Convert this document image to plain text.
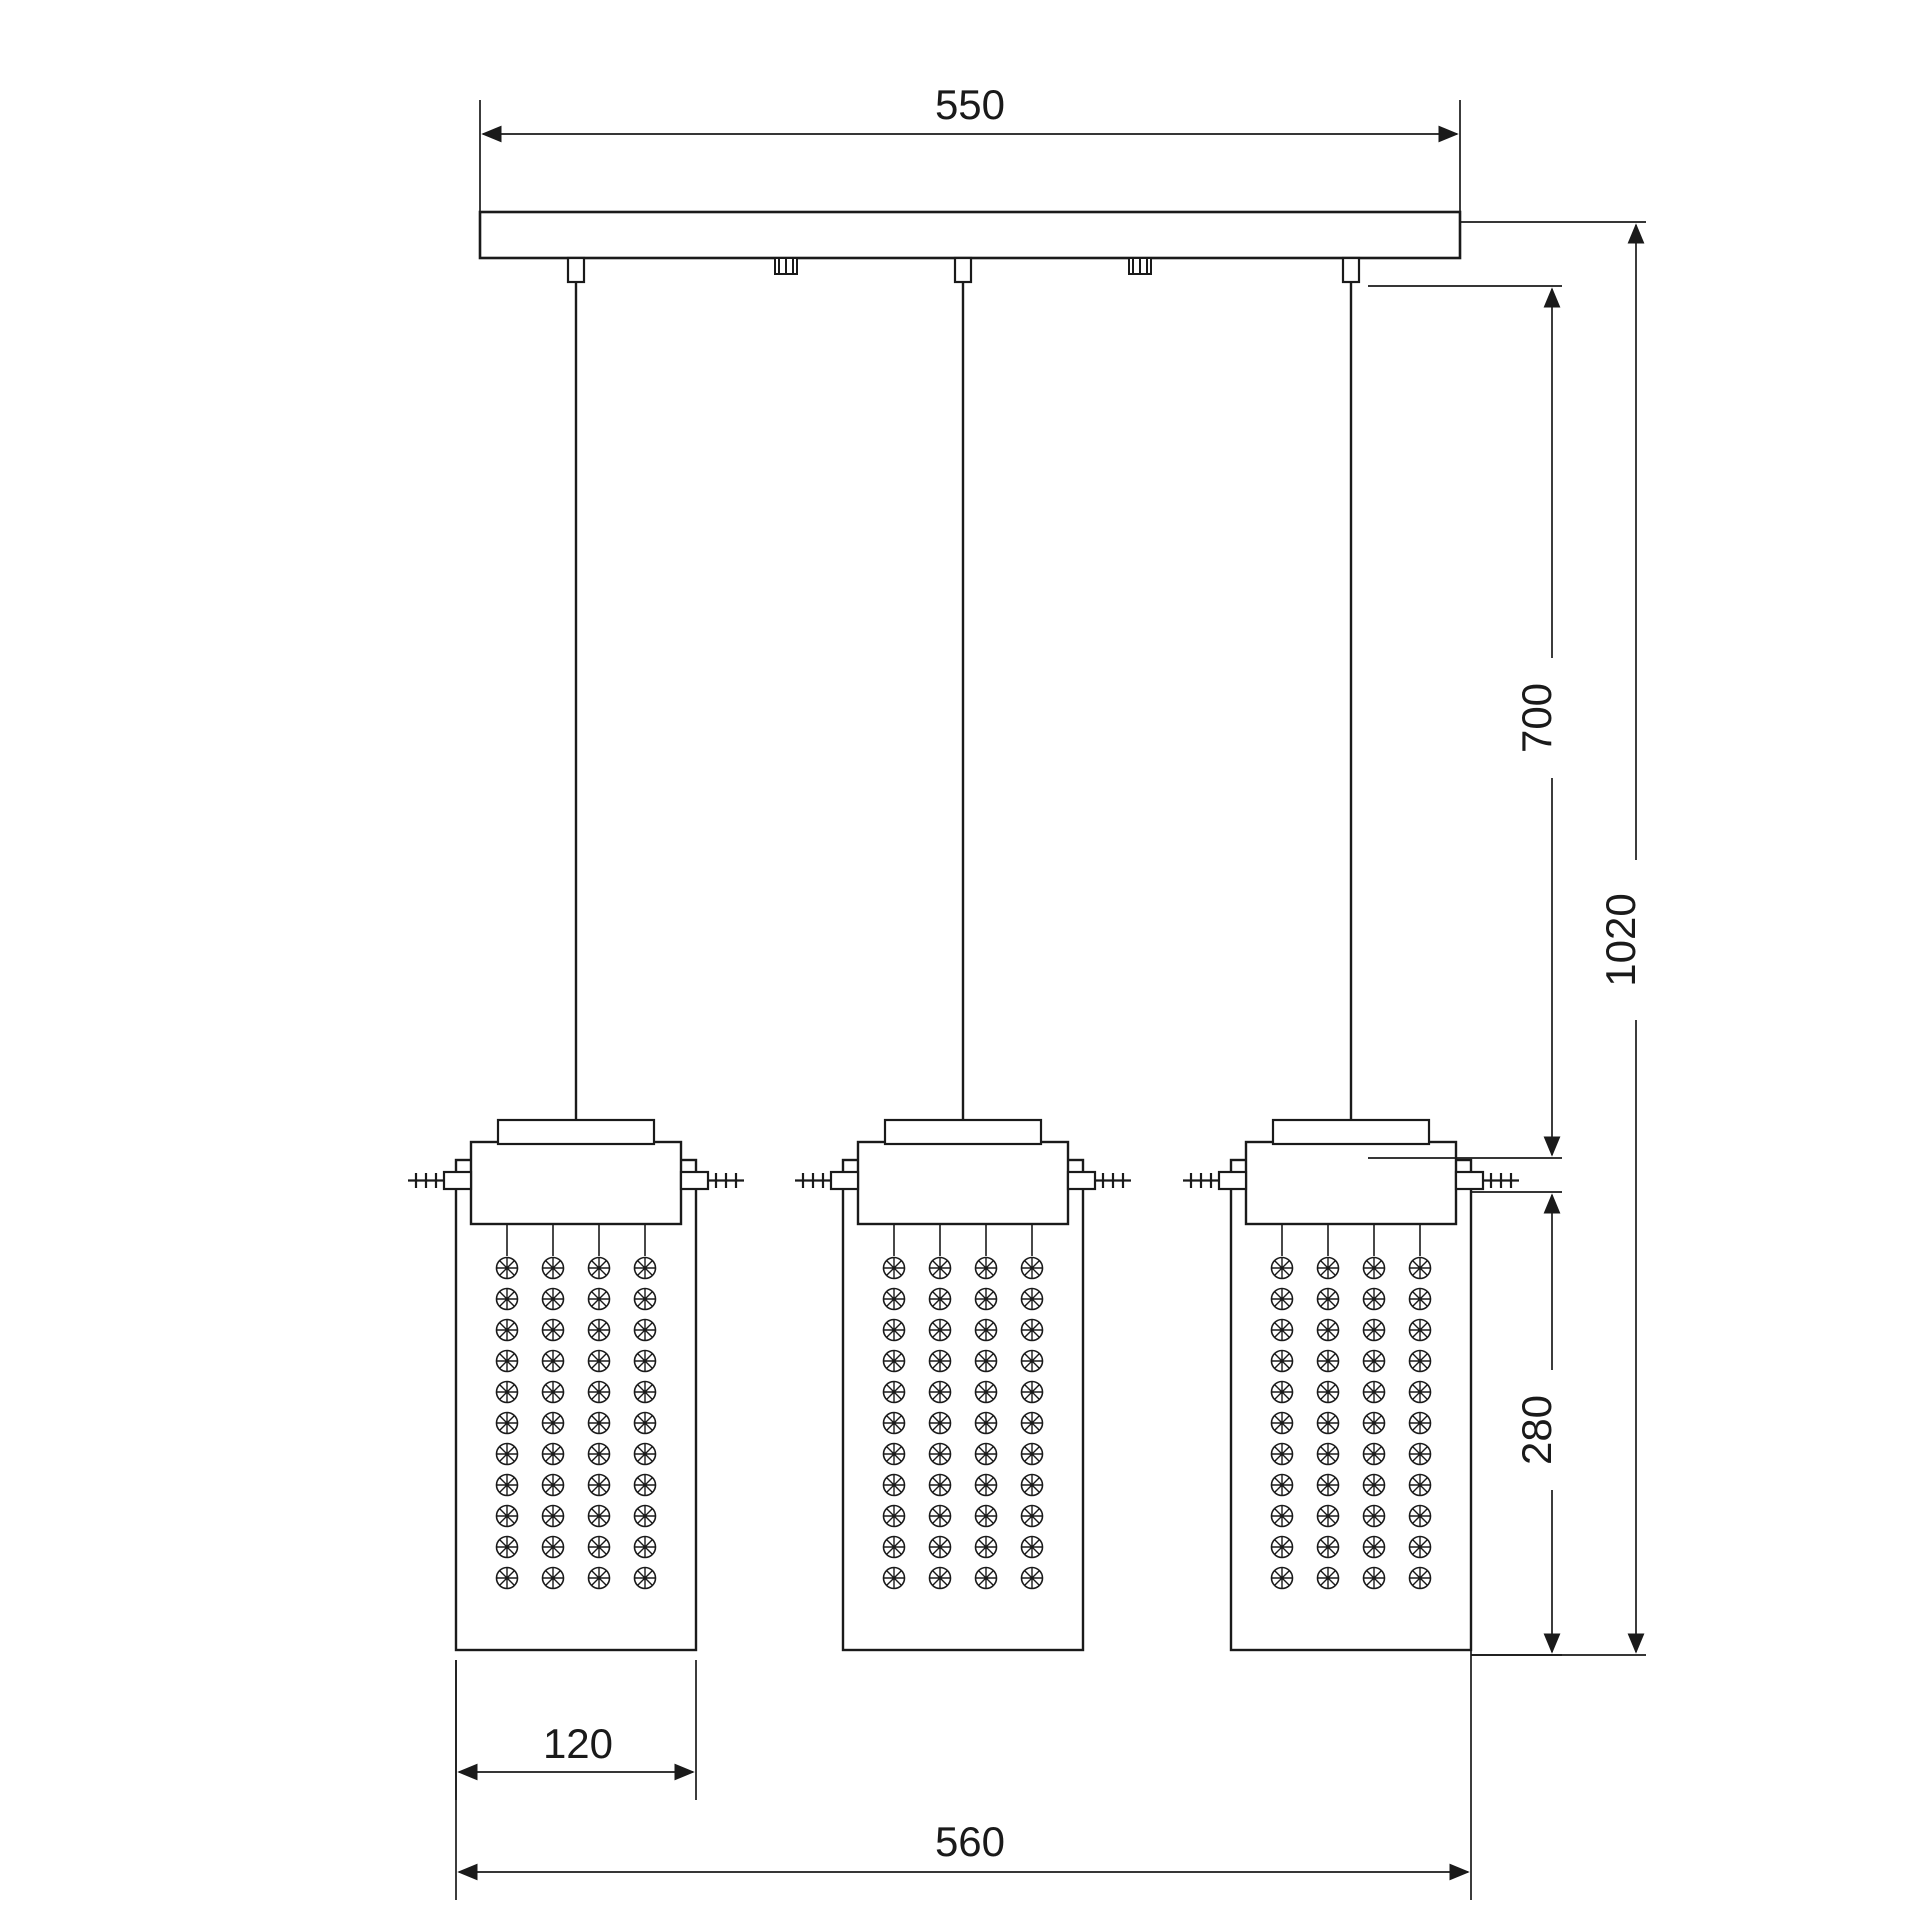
550
560
120
700
280
1020
